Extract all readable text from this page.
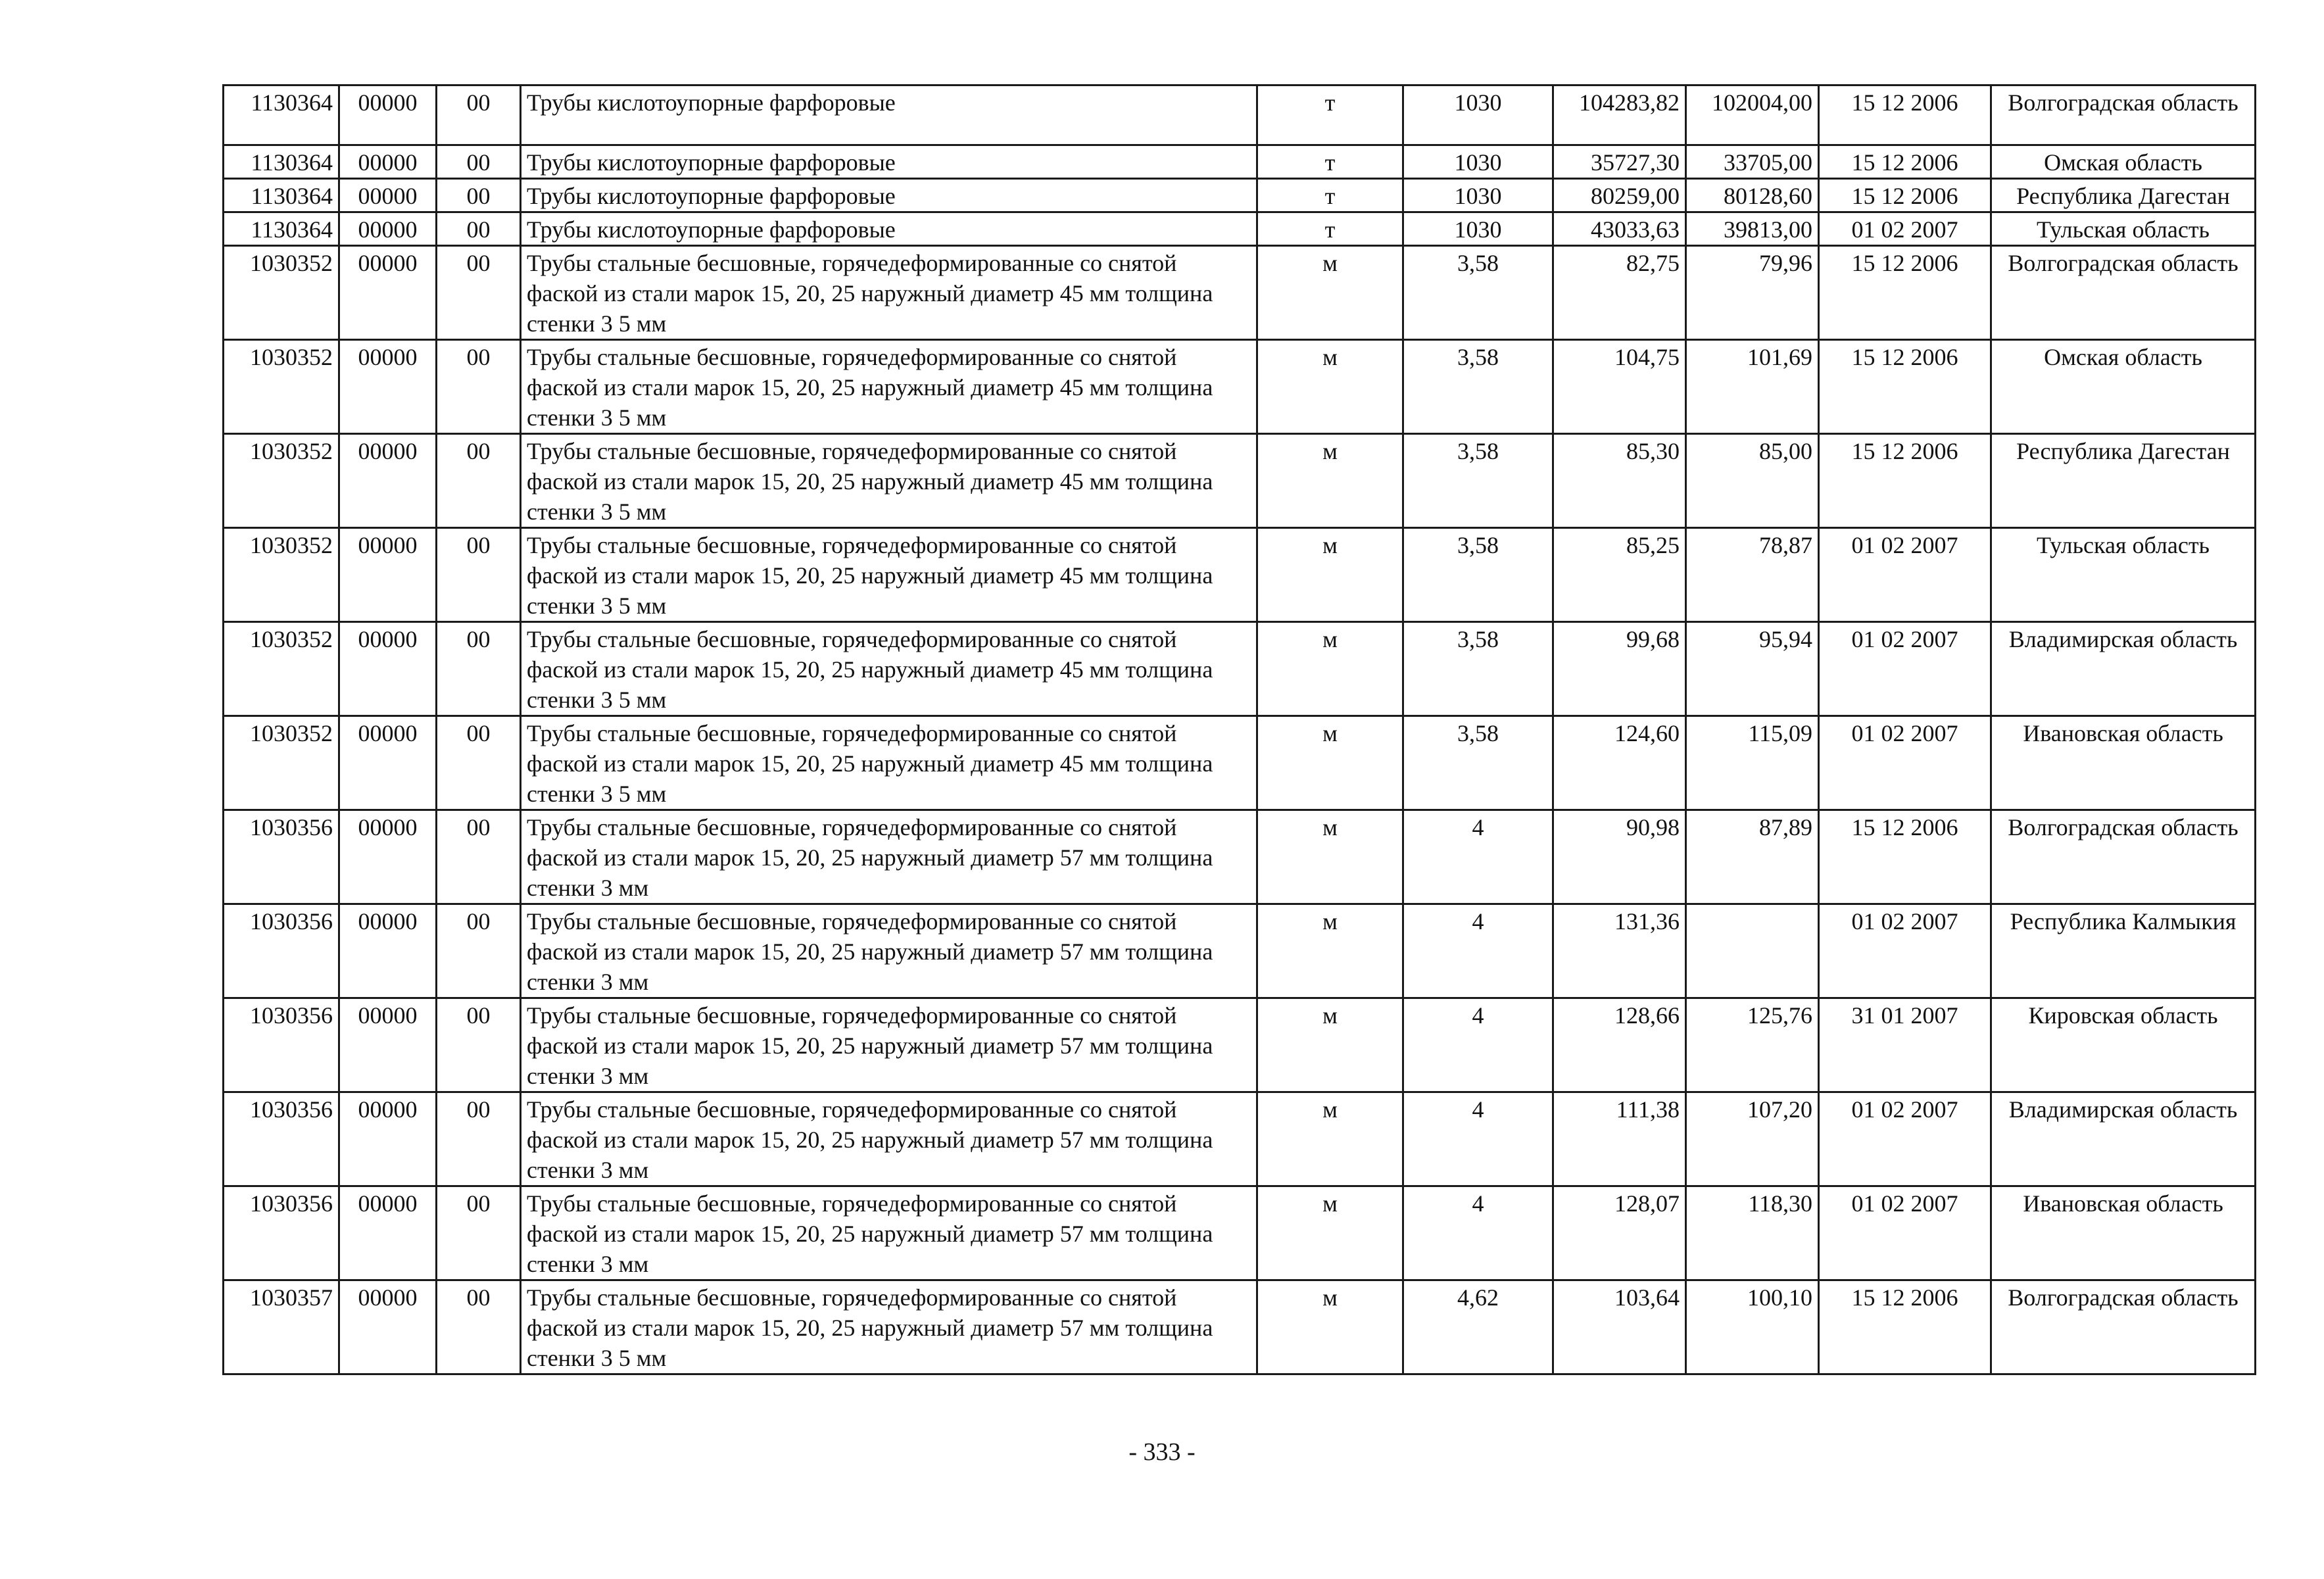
1130364	00000	00	Трубы кислотоупорные фарфоровые	т	1030	104283,82	102004,00	15 12 2006	Волгоградская область
1130364	00000	00	Трубы кислотоупорные фарфоровые	т	1030	35727,30	33705,00	15 12 2006	Омская область
1130364	00000	00	Трубы кислотоупорные фарфоровые	т	1030	80259,00	80128,60	15 12 2006	Республика Дагестан
1130364	00000	00	Трубы кислотоупорные фарфоровые	т	1030	43033,63	39813,00	01 02 2007	Тульская область
1030352	00000	00	Трубы стальные бесшовные, горячедеформированные со снятой фаской из стали марок 15, 20, 25 наружный диаметр 45 мм толщина стенки 3 5 мм	м	3,58	82,75	79,96	15 12 2006	Волгоградская область
1030352	00000	00	Трубы стальные бесшовные, горячедеформированные со снятой фаской из стали марок 15, 20, 25 наружный диаметр 45 мм толщина стенки 3 5 мм	м	3,58	104,75	101,69	15 12 2006	Омская область
1030352	00000	00	Трубы стальные бесшовные, горячедеформированные со снятой фаской из стали марок 15, 20, 25 наружный диаметр 45 мм толщина стенки 3 5 мм	м	3,58	85,30	85,00	15 12 2006	Республика Дагестан
1030352	00000	00	Трубы стальные бесшовные, горячедеформированные со снятой фаской из стали марок 15, 20, 25 наружный диаметр 45 мм толщина стенки 3 5 мм	м	3,58	85,25	78,87	01 02 2007	Тульская область
1030352	00000	00	Трубы стальные бесшовные, горячедеформированные со снятой фаской из стали марок 15, 20, 25 наружный диаметр 45 мм толщина стенки 3 5 мм	м	3,58	99,68	95,94	01 02 2007	Владимирская область
1030352	00000	00	Трубы стальные бесшовные, горячедеформированные со снятой фаской из стали марок 15, 20, 25 наружный диаметр 45 мм толщина стенки 3 5 мм	м	3,58	124,60	115,09	01 02 2007	Ивановская область
1030356	00000	00	Трубы стальные бесшовные, горячедеформированные со снятой фаской из стали марок 15, 20, 25 наружный диаметр 57 мм толщина стенки 3 мм	м	4	90,98	87,89	15 12 2006	Волгоградская область
1030356	00000	00	Трубы стальные бесшовные, горячедеформированные со снятой фаской из стали марок 15, 20, 25 наружный диаметр 57 мм толщина стенки 3 мм	м	4	131,36		01 02 2007	Республика Калмыкия
1030356	00000	00	Трубы стальные бесшовные, горячедеформированные со снятой фаской из стали марок 15, 20, 25 наружный диаметр 57 мм толщина стенки 3 мм	м	4	128,66	125,76	31 01 2007	Кировская область
1030356	00000	00	Трубы стальные бесшовные, горячедеформированные со снятой фаской из стали марок 15, 20, 25 наружный диаметр 57 мм толщина стенки 3 мм	м	4	111,38	107,20	01 02 2007	Владимирская область
1030356	00000	00	Трубы стальные бесшовные, горячедеформированные со снятой фаской из стали марок 15, 20, 25 наружный диаметр 57 мм толщина стенки 3 мм	м	4	128,07	118,30	01 02 2007	Ивановская область
1030357	00000	00	Трубы стальные бесшовные, горячедеформированные со снятой фаской из стали марок 15, 20, 25 наружный диаметр 57 мм толщина стенки 3 5 мм	м	4,62	103,64	100,10	15 12 2006	Волгоградская область
- 333 -
